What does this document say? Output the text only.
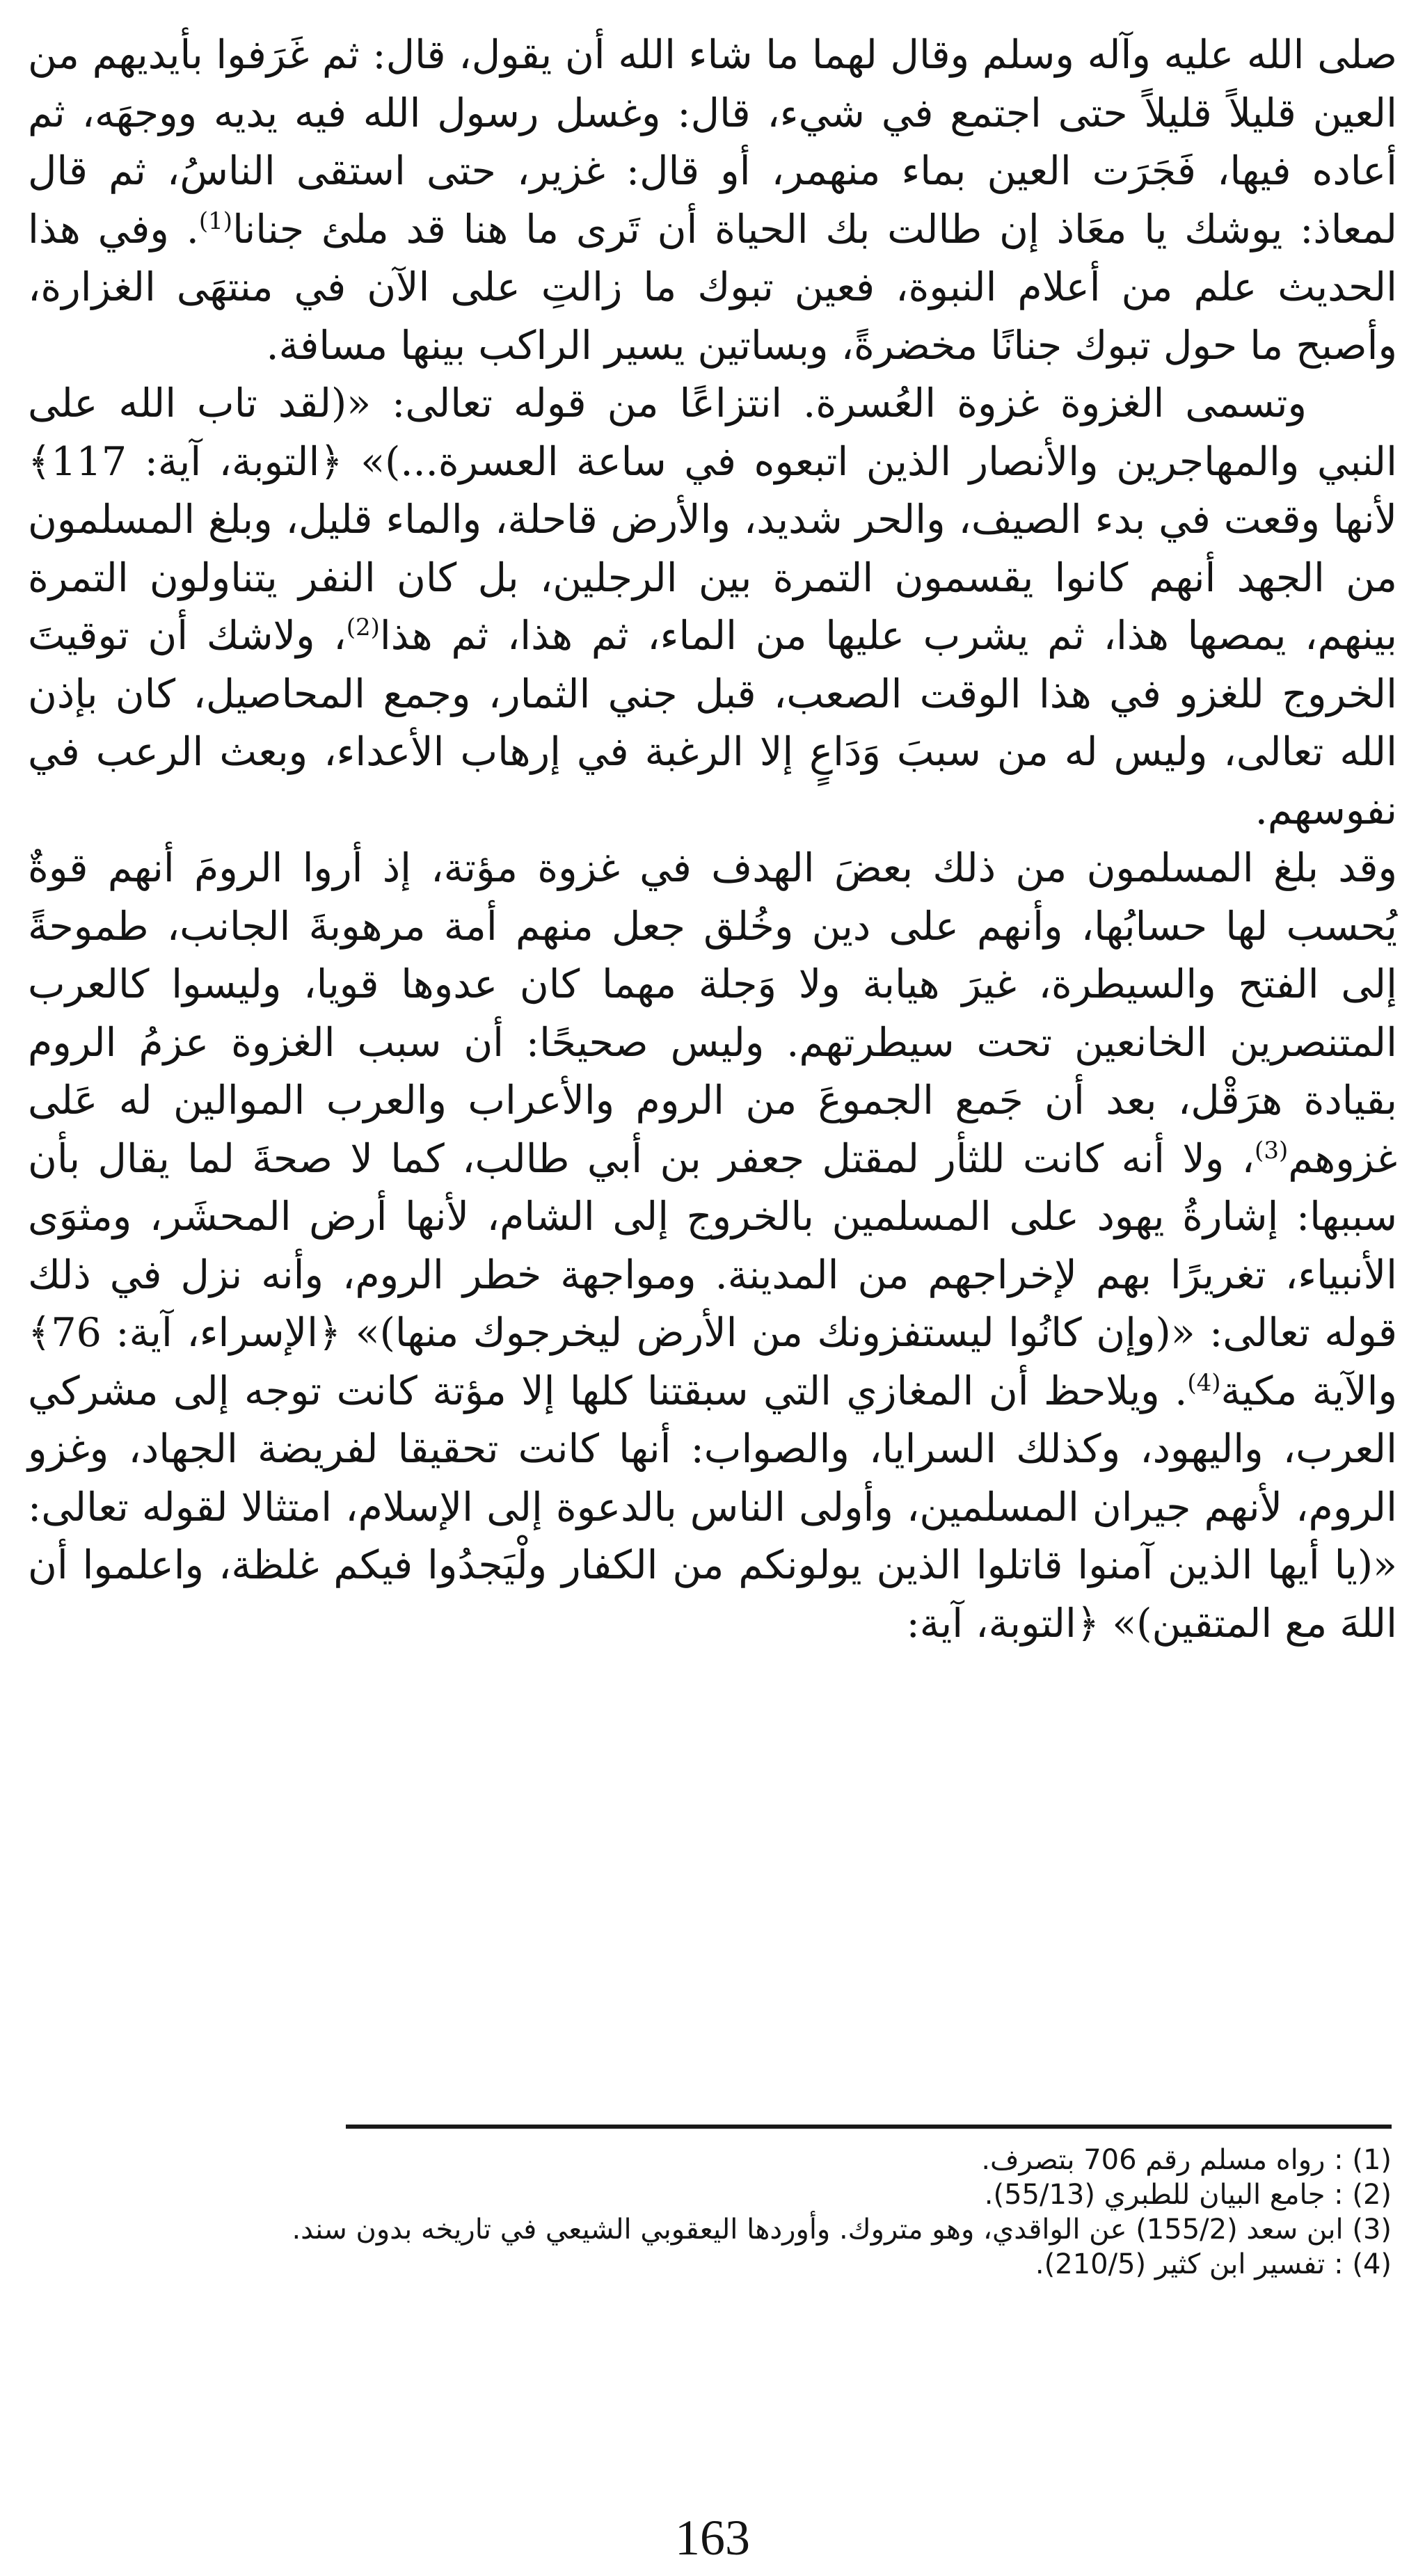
صلى الله عليه وآله وسلم وقال لهما ما شاء الله أن يقول، قال: ثم غَرَفوا بأيديهم من العين قليلاً قليلاً حتى اجتمع في شيء، قال: وغسل رسول الله فيه يديه ووجهَه، ثم أعاده فيها، فَجَرَت العين بماء منهمر، أو قال: غزير، حتى استقى الناسُ، ثم قال لمعاذ: يوشك يا معَاذ إن طالت بك الحياة أن تَرى ما هنا قد ملئ جنانا$^{(1)}$. وفي هذا الحديث علم من أعلام النبوة، فعين تبوك ما زالتِ على الآن في منتهَى الغزارة، وأصبح ما حول تبوك جنانًا مخضرةً، وبساتين يسير الراكب بينها مسافة.

وتسمى الغزوة غزوة العُسرة. انتزاعًا من قوله تعالى: «(لقد تاب الله على النبي والمهاجرين والأنصار الذين اتبعوه في ساعة العسرة...)» ﴿التوبة، آية: 117﴾ لأنها وقعت في بدء الصيف، والحر شديد، والأرض قاحلة، والماء قليل، وبلغ المسلمون من الجهد أنهم كانوا يقسمون التمرة بين الرجلين، بل كان النفر يتناولون التمرة بينهم، يمصها هذا، ثم يشرب عليها من الماء، ثم هذا، ثم هذا$^{(2)}$، ولاشك أن توقيتَ الخروج للغزو في هذا الوقت الصعب، قبل جني الثمار، وجمع المحاصيل، كان بإذن الله تعالى، وليس له من سببَ وَدَاعٍ إلا الرغبة في إرهاب الأعداء، وبعث الرعب في نفوسهم.

وقد بلغ المسلمون من ذلك بعضَ الهدف في غزوة مؤتة، إذ أروا الرومَ أنهم قوةٌ يُحسب لها حسابُها، وأنهم على دين وخُلق جعل منهم أمة مرهوبةَ الجانب، طموحةً إلى الفتح والسيطرة، غيرَ هيابة ولا وَجلة مهما كان عدوها قويا، وليسوا كالعرب المتنصرين الخانعين تحت سيطرتهم. وليس صحيحًا: أن سبب الغزوة عزمُ الروم بقيادة هرَقْل، بعد أن جَمع الجموعَ من الروم والأعراب والعرب الموالين له عَلى غزوهم$^{(3)}$، ولا أنه كانت للثأر لمقتل جعفر بن أبي طالب، كما لا صحةَ لما يقال بأن سببها: إشارةُ يهود على المسلمين بالخروج إلى الشام، لأنها أرض المحشَر، ومثوَى الأنبياء، تغريرًا بهم لإخراجهم من المدينة. ومواجهة خطر الروم، وأنه نزل في ذلك قوله تعالى: «(وإن كانُوا ليستفزونك من الأرض ليخرجوك منها)» ﴿الإسراء، آية: 76﴾ والآية مكية$^{(4)}$. ويلاحظ أن المغازي التي سبقتنا كلها إلا مؤتة كانت توجه إلى مشركي العرب، واليهود، وكذلك السرايا، والصواب: أنها كانت تحقيقا لفريضة الجهاد، وغزو الروم، لأنهم جيران المسلمين، وأولى الناس بالدعوة إلى الإسلام، امتثالا لقوله تعالى: «(يا أيها الذين آمنوا قاتلوا الذين يولونكم من الكفار ولْيَجدُوا فيكم غلظة، واعلموا أن اللهَ مع المتقين)» ﴿التوبة، آية:

(1) : رواه مسلم رقم 706 بتصرف.

(2) : جامع البيان للطبري (55/13).

(3) ابن سعد (155/2) عن الواقدي، وهو متروك. وأوردها اليعقوبي الشيعي في تاريخه بدون سند.

(4) : تفسير ابن كثير (210/5).

163
